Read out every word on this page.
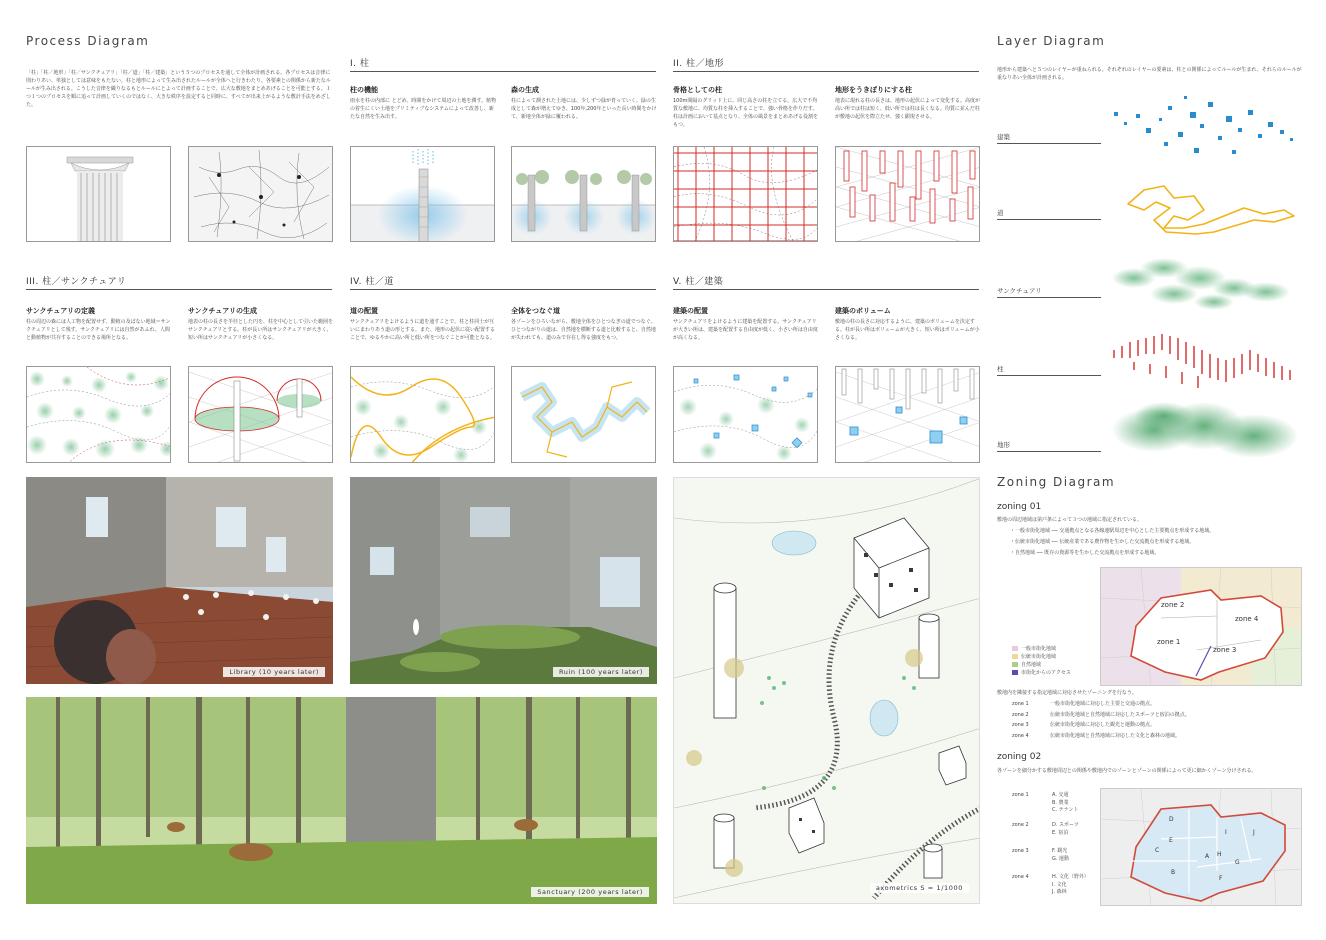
Process Diagram
「柱」「柱／地形」「柱／サンクチュアリ」「柱／道」「柱／建築」という５つのプロセスを通して全体が計画される。各プロセスは音律に則わりあい、単独としては意味をもたない。柱と地形によって生み出されたルールが全体へと行きわたり、各要素との関係から新たなルールが生み出される。こうした音律を織りなるもとルールにとよって計画することで、広大な敷地をまとめあげることを可能とする。１つ１つのプロセスを順に追って計画していくのではなく、大きな秩序を設定すると同時に、すべてが出来上がるような敷計手法をめざした。
I. 柱
柱の機能
雨水を柱の内部に とどめ、時間をかけて周辺の土地を潤す。植物の着生にくい土地をプリミティブなシステムによって改善し、新たな自然を生み出す。
森の生成
柱によって潤された土地には、少しずつ緑が育っていく。緑の生成として森が増えてゆき、100年,200年といった長い時間をかけて、新地全体が緑に覆われる。
II. 柱／地形
骨格としての柱
100m間隔のグリッド上に、同じ高さの柱を立てる。広大で不均質な敷地に、均質な柱を挿入することで、強い骨格を作りだす。柱は計画において基点となり、全体の風景をまとめあげる役割をもつ。
地形をうきぼりにする柱
地表に現れる柱の長さは、地形の起伏によって変化する。高度が高い所では柱は短く、低い所では柱は長くなる。均質に並んだ柱が敷地の起伏を際立たせ、強く顕現させる。
III. 柱／サンクチュアリ
サンクチュアリの定義
柱の周辺の森には人工物を配置せず、動植の及ばない地域＝サンクチュアリとして残す。サンクチュアリには自然があふれ、人間と動植物が共存することのできる場所となる。
サンクチュアリの生成
地表の柱の長さを半径とした円を、柱を中心として引いた範囲をサンクチュアリとする。柱が長い所はサンクチュアリが大きく、短い所はサンクチュアリが小さくなる。
IV. 柱／道
道の配置
サンクチュアリをよけるように道を通すことで、柱と柱同士が互いにまわりあう道の形とする。また、地形の起伏に従い配置することで、ゆるやかに高い所と低い所をつなぐことが可能となる。
全体をつなぐ道
各ゾーンをひろいながら、敷地全体をひとつなぎの道でつなぐ。ひとつながりの道は、自然地を横断する道と比較すると、自然地が失われても、道のみで存在し得る強度をもつ。
V. 柱／建築
建築の配置
サンクチュアリをよけるように建築を配置する。サンクチュアリが大きい所は、建築を配置する自由度が低く、小さい所は自由度が高くなる。
建築のボリューム
敷地の柱の長さに対応するように、建築のボリュームを決定する。柱が長い所はボリュームが大きく、短い所はボリュームが小さくなる。
Library (10 years later)	Ruin (100 years later)
Sanctuary (200 years later)	axometrics S = 1/1000
Layer Diagram
地形から建築へと５つのレイヤーが重ねられる。それぞれのレイヤーの要素は、柱との関係によってルールが生まれ、それらのルールが重なりあい全体が計画される。
建築
道
サンクチュアリ
柱
地形
Zoning Diagram
zoning 01
敷地の周辺地域は第戸条によって３つの地域に指定されている。
・一般市街化地域 ── 交通拠点となる各線連駅周辺を中心とした主要拠点を形成する地域。
・伝統市街化地域 ── 伝統産業である農作物を生かした交流拠点を形成する地域。
・自然地域 ── 既存の資源等を生かした交流拠点を形成する地域。
zone 2
zone 4
zone 1
zone 3
一般市街化地域
伝統市街化地域
自然地域
市街化からのアクセス
敷地内を隣接する指定地域に対応させたゾーニングを行なう。
zone 1	一般市街化地域に対応した主要と交通の拠点。
zone 2	伝統市街化地域と自然地域に対応したスポーツと宿泊の拠点。
zone 3	伝統市街化地域に対応した観光と運動の拠点。
zone 4	伝統市街化地域と自然地域に対応した文化と森林の地域。
zoning 02
各ゾーンを細分かする敷地周辺との関係や敷地内でのゾーンとゾーンの関係によって更に細かくゾーン分けされる。
zone 1	A. 交通
B. 農業
C. テナント
zone 2	D. スポーツ
E. 宿泊
zone 3	F. 観光
G. 運動
zone 4	H. 文化（野外）
I. 文化
J. 森林
D
E
I	J
C
A H
G
B
F
